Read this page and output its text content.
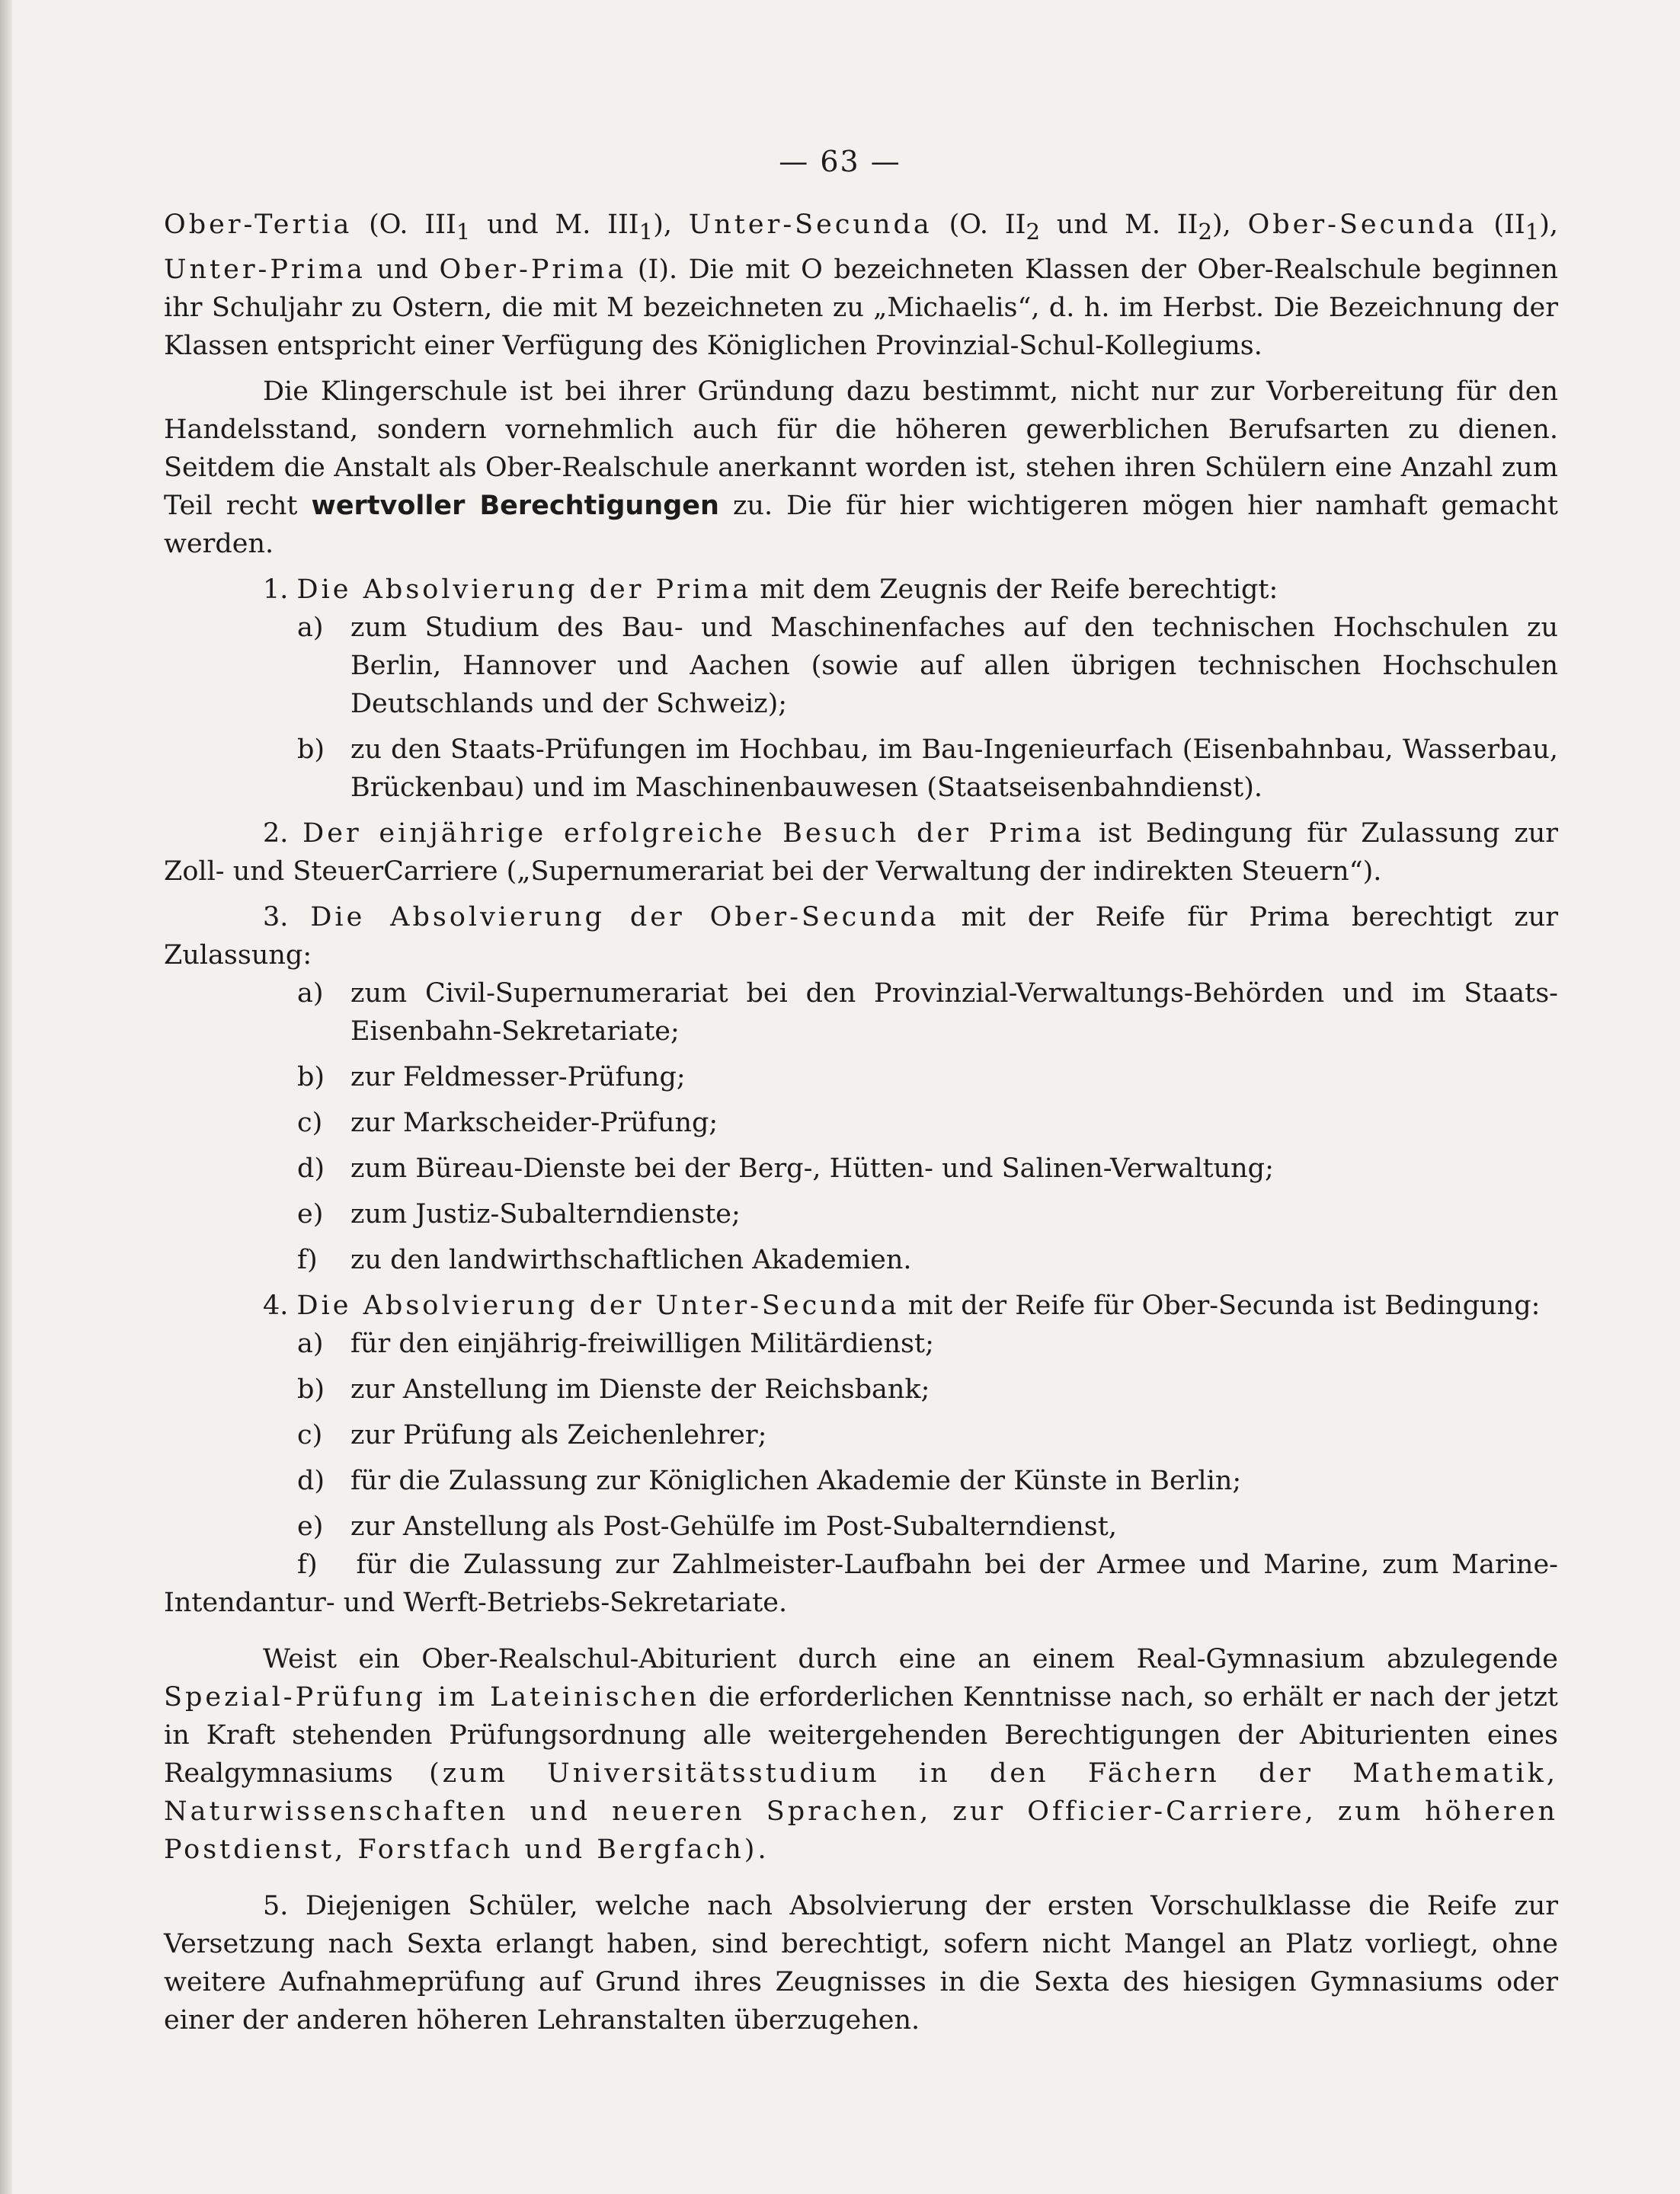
— 63 —

Ober-Tertia (O. $III_1$ und M. $III_1$), Unter-Secunda (O. $II_2$ und M. $II_2$), Ober-Secunda $(II_1)$, Unter-Prima und Ober-Prima (I). Die mit O bezeichneten Klassen der Ober-Realschule beginnen ihr Schuljahr zu Ostern, die mit M bezeichneten zu „Michaelis“, d. h. im Herbst. Die Bezeichnung der Klassen entspricht einer Verfügung des Königlichen Provinzial-Schul-Kollegiums.

Die Klingerschule ist bei ihrer Gründung dazu bestimmt, nicht nur zur Vorbereitung für den Handelsstand, sondern vornehmlich auch für die höheren gewerblichen Berufsarten zu dienen. Seitdem die Anstalt als Ober-Realschule anerkannt worden ist, stehen ihren Schülern eine Anzahl zum Teil recht wertvoller Berechtigungen zu. Die für hier wichtigeren mögen hier namhaft gemacht werden.

1. Die Absolvierung der Prima mit dem Zeugnis der Reife berechtigt:

a) zum Studium des Bau- und Maschinenfaches auf den technischen Hochschulen zu Berlin, Hannover und Aachen (sowie auf allen übrigen technischen Hochschulen Deutschlands und der Schweiz);

b) zu den Staats-Prüfungen im Hochbau, im Bau-Ingenieurfach (Eisenbahnbau, Wasserbau, Brückenbau) und im Maschinenbauwesen (Staatseisenbahndienst).

2. Der einjährige erfolgreiche Besuch der Prima ist Bedingung für Zulassung zur Zoll- und SteuerCarriere („Supernumerariat bei der Verwaltung der indirekten Steuern“).

3. Die Absolvierung der Ober-Secunda mit der Reife für Prima berechtigt zur Zulassung:

a) zum Civil-Supernumerariat bei den Provinzial-Verwaltungs-Behörden und im Staats-Eisenbahn-Sekretariate;

b) zur Feldmesser-Prüfung;

c) zur Markscheider-Prüfung;

d) zum Büreau-Dienste bei der Berg-, Hütten- und Salinen-Verwaltung;

e) zum Justiz-Subalterndienste;

f) zu den landwirthschaftlichen Akademien.

4. Die Absolvierung der Unter-Secunda mit der Reife für Ober-Secunda ist Bedingung:

a) für den einjährig-freiwilligen Militärdienst;

b) zur Anstellung im Dienste der Reichsbank;

c) zur Prüfung als Zeichenlehrer;

d) für die Zulassung zur Königlichen Akademie der Künste in Berlin;

e) zur Anstellung als Post-Gehülfe im Post-Subalterndienst,

f) für die Zulassung zur Zahlmeister-Laufbahn bei der Armee und Marine, zum Marine-Intendantur- und Werft-Betriebs-Sekretariate.

Weist ein Ober-Realschul-Abiturient durch eine an einem Real-Gymnasium abzulegende Spezial-Prüfung im Lateinischen die erforderlichen Kenntnisse nach, so erhält er nach der jetzt in Kraft stehenden Prüfungsordnung alle weitergehenden Berechtigungen der Abiturienten eines Realgymnasiums (zum Universitätsstudium in den Fächern der Mathematik, Naturwissenschaften und neueren Sprachen, zur Officier-Carriere, zum höheren Postdienst, Forstfach und Bergfach).

5. Diejenigen Schüler, welche nach Absolvierung der ersten Vorschulklasse die Reife zur Versetzung nach Sexta erlangt haben, sind berechtigt, sofern nicht Mangel an Platz vorliegt, ohne weitere Aufnahmeprüfung auf Grund ihres Zeugnisses in die Sexta des hiesigen Gymnasiums oder einer der anderen höheren Lehranstalten überzugehen.
